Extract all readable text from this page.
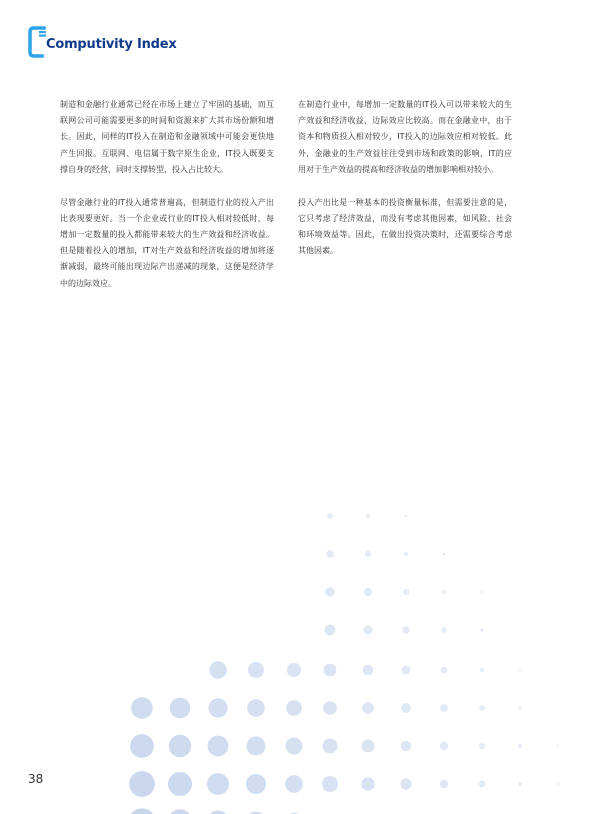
Computivity Index

制造和金融行业通常已经在市场上建立了牢固的基础，而互联网公司可能需要更多的时间和资源来扩大其市场份额和增长。因此，同样的IT投入在制造和金融领域中可能会更快地产生回报。互联网、电信属于数字原生企业，IT投入既要支撑自身的经营，同时支撑转型，投入占比较大。

尽管金融行业的IT投入通常普遍高，但制造行业的投入产出比表现要更好。当一个企业或行业的IT投入相对较低时，每增加一定数量的投入都能带来较大的生产效益和经济收益。但是随着投入的增加，IT对生产效益和经济收益的增加将逐渐减弱，最终可能出现边际产出递减的现象，这便是经济学中的边际效应。

在制造行业中，每增加一定数量的IT投入可以带来较大的生产效益和经济收益，边际效应比较高。而在金融业中，由于资本和物质投入相对较少，IT投入的边际效应相对较低。此外，金融业的生产效益往往受到市场和政策的影响，IT的应用对于生产效益的提高和经济收益的增加影响相对较小。

投入产出比是一种基本的投资衡量标准，但需要注意的是，它只考虑了经济效益，而没有考虑其他因素，如风险、社会和环境效益等。因此，在做出投资决策时，还需要综合考虑其他因素。

38
